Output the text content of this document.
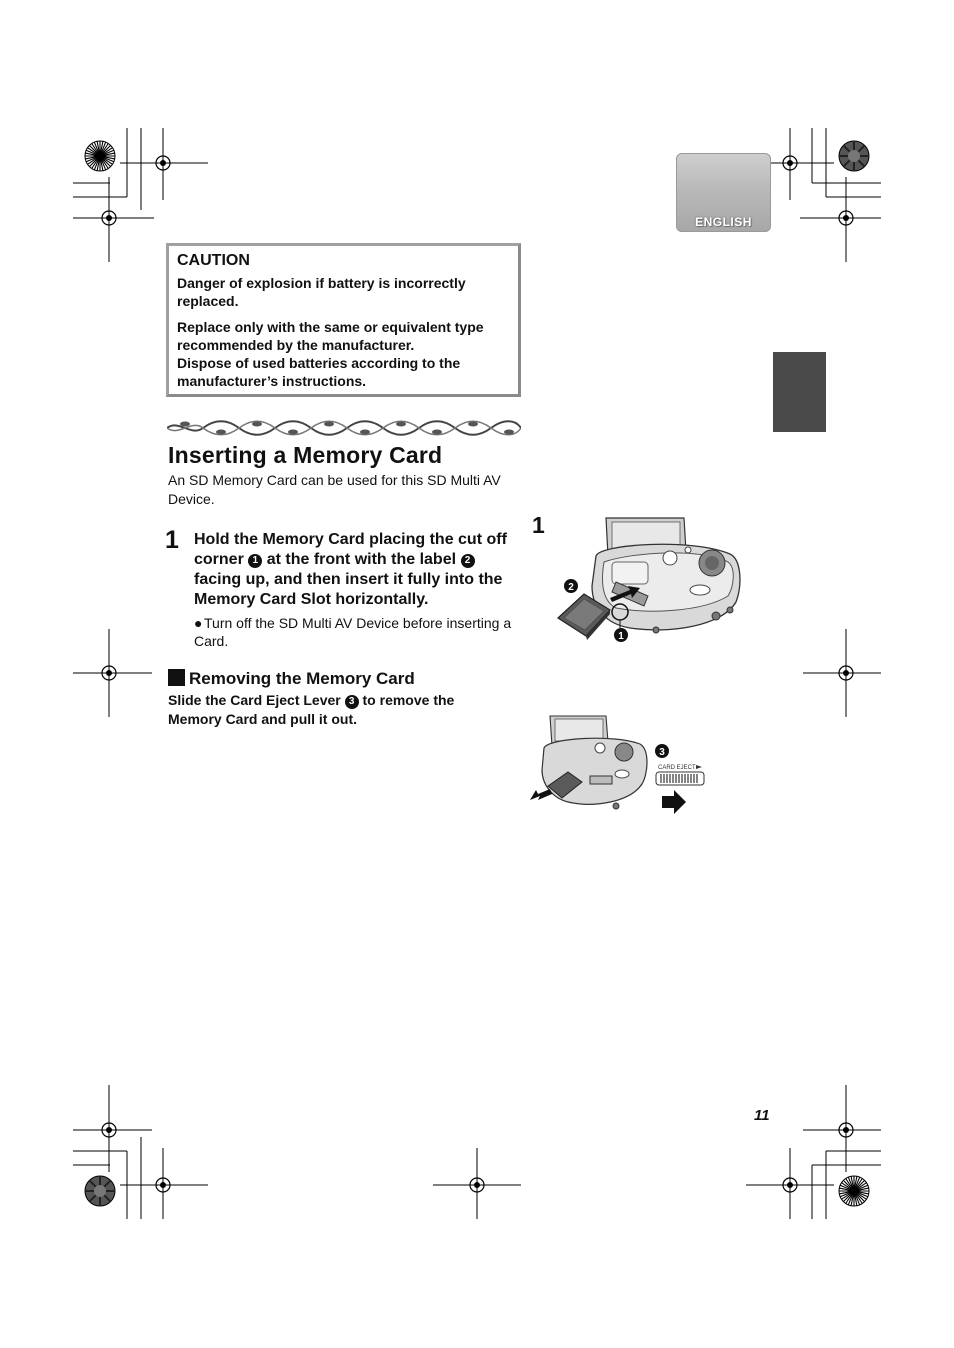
ENGLISH
CAUTION

Danger of explosion if battery is incorrectly replaced.

Replace only with the same or equivalent type recommended by the manufacturer.

Dispose of used batteries according to the manufacturer’s instructions.

Inserting a Memory Card
An SD Memory Card can be used for this SD Multi AV Device.
1 Hold the Memory Card placing the cut off corner 1 at the front with the label 2 facing up, and then insert it fully into the Memory Card Slot horizontally.
● Turn off the SD Multi AV Device before inserting a Card.
Removing the Memory Card
Slide the Card Eject Lever 3 to remove the Memory Card and pull it out.
1
2
1
3
CARD EJECT
11
